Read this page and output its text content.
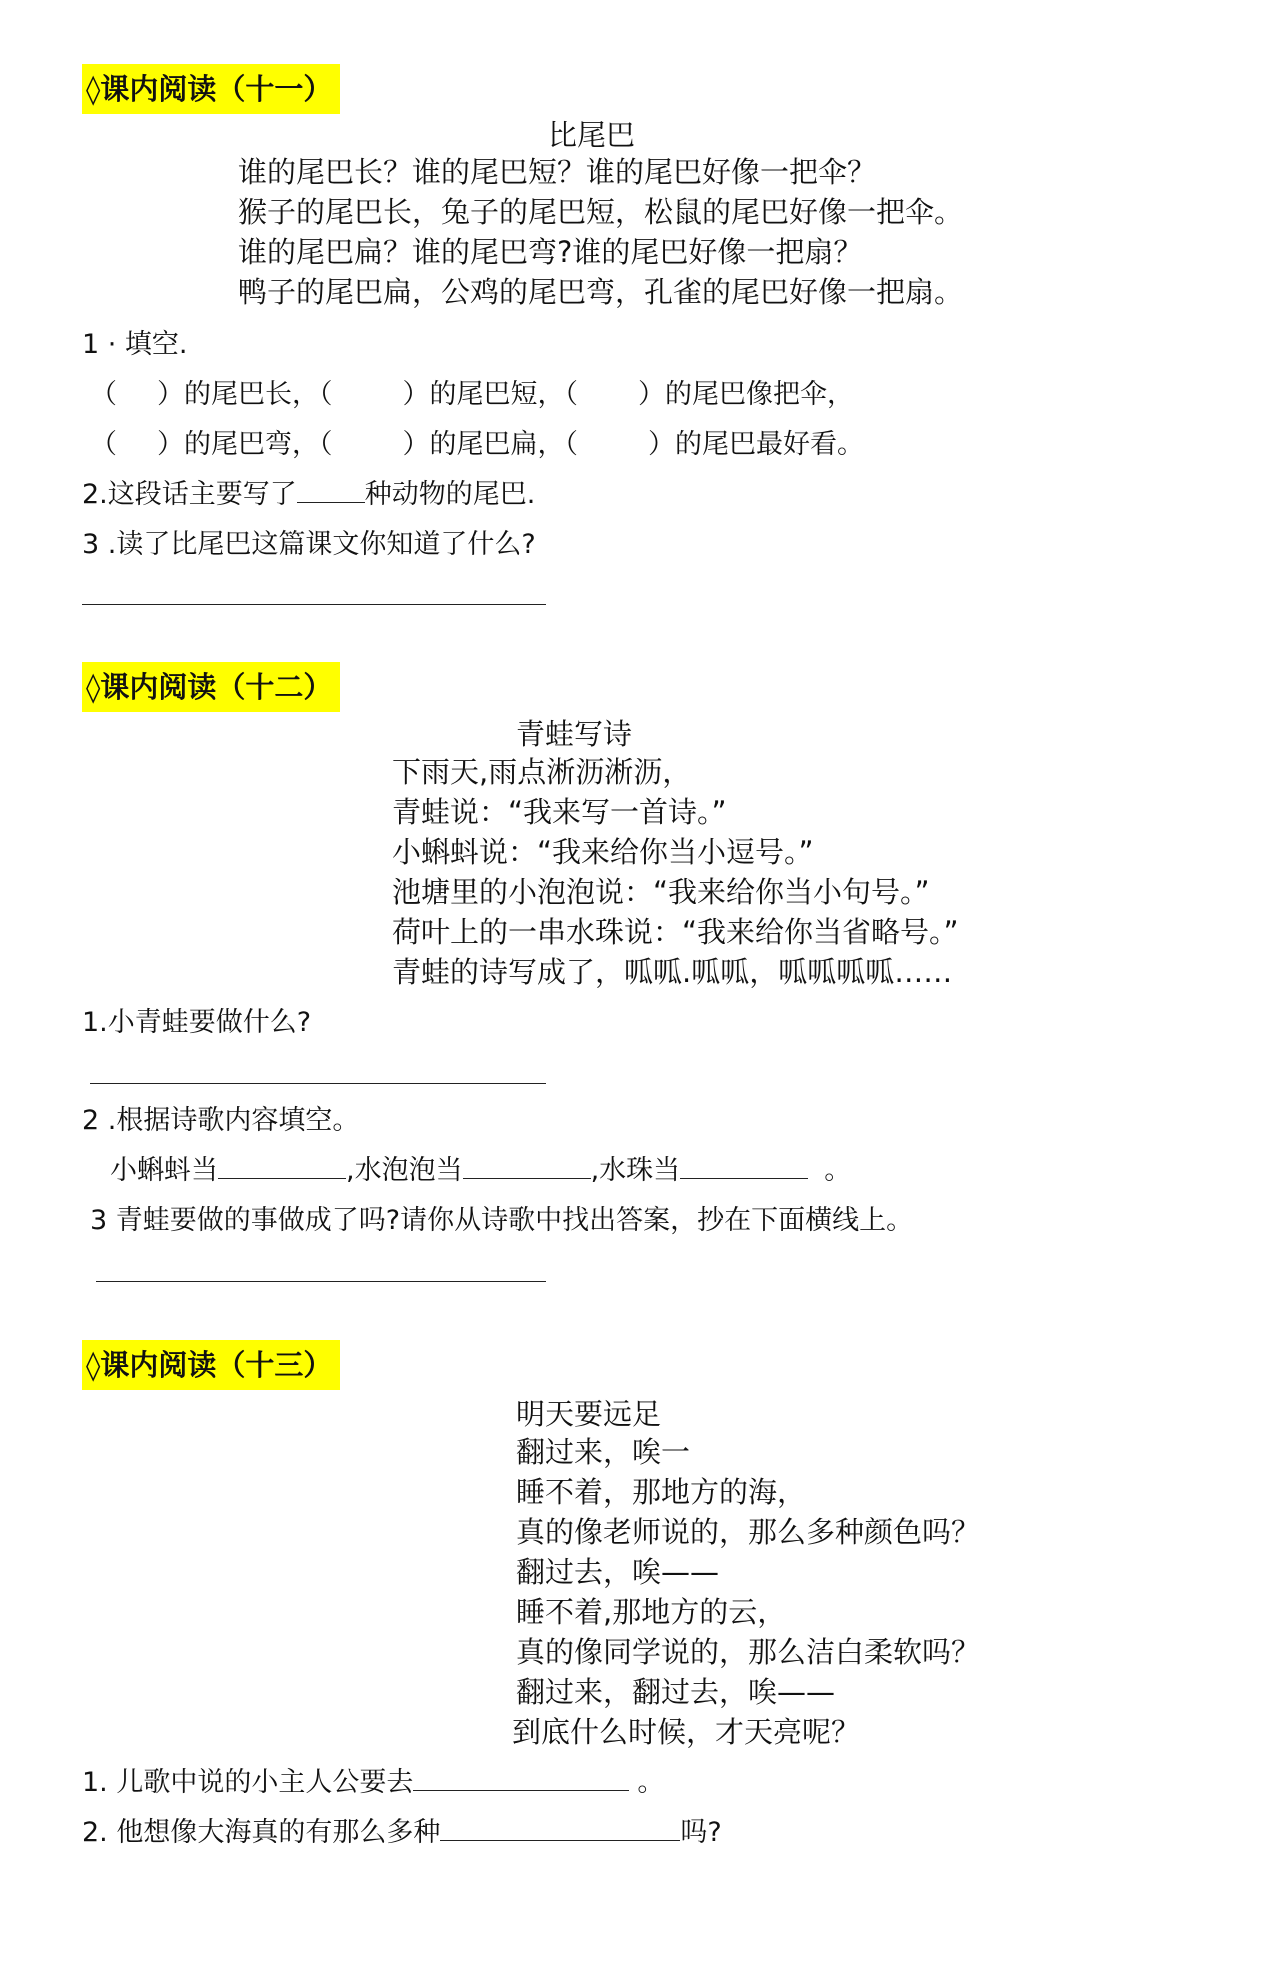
◊课内阅读（十一）
比尾巴
谁的尾巴长？谁的尾巴短？谁的尾巴好像一把伞？
猴子的尾巴长，兔子的尾巴短，松鼠的尾巴好像一把伞。
谁的尾巴扁？谁的尾巴弯?谁的尾巴好像一把扇？
鸭子的尾巴扁，公鸡的尾巴弯，孔雀的尾巴好像一把扇。
1 · 填空.
（ ）的尾巴长，（	）的尾巴短，（ ）的尾巴像把伞，
（ ）的尾巴弯，（	）的尾巴扁，（	）的尾巴最好看。
2.这段话主要写了	种动物的尾巴.
3 .读了比尾巴这篇课文你知道了什么?
◊课内阅读（十二）
青蛙写诗
下雨天,雨点淅沥淅沥，
青蛙说：“我来写一首诗。”
小蝌蚪说：“我来给你当小逗号。”
池塘里的小泡泡说：“我来给你当小句号。”
荷叶上的一串水珠说：“我来给你当省略号。”
青蛙的诗写成了，呱呱.呱呱，呱呱呱呱……
1.小青蛙要做什么?
2 .根据诗歌内容填空。
小蝌蚪当	,水泡泡当	,水珠当	。
3 青蛙要做的事做成了吗?请你从诗歌中找出答案，抄在下面横线上。
◊课内阅读（十三）
明天要远足
翻过来，唉一
睡不着，那地方的海，
真的像老师说的，那么多种颜色吗？
翻过去，唉——
睡不着,那地方的云，
真的像同学说的，那么洁白柔软吗？
翻过来，翻过去，唉——
到底什么时候，才天亮呢？
1. 儿歌中说的小主人公要去	。
2. 他想像大海真的有那么多种	吗?
